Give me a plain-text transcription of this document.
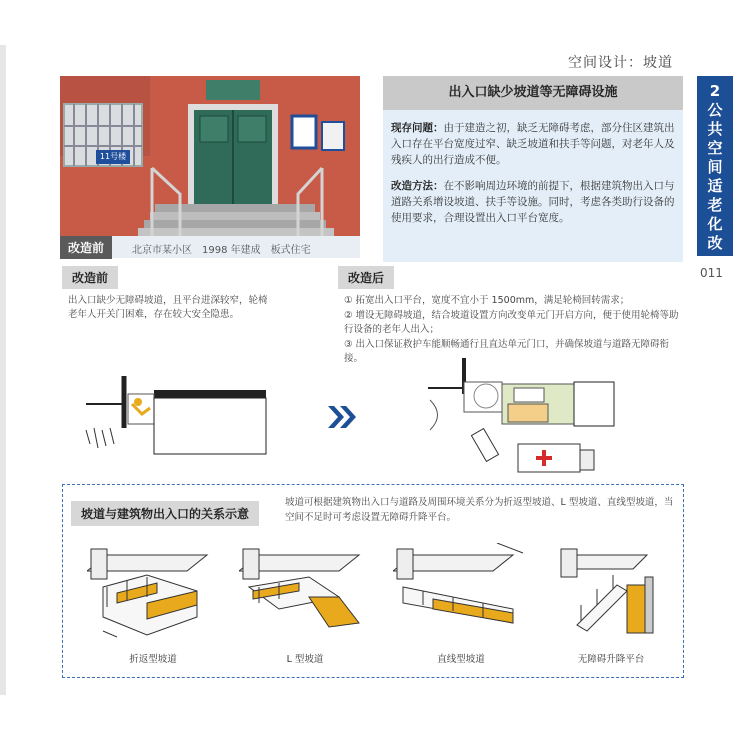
空间设计：坡道
2
公
共
空
间
适
老
化
改
011
11号楼
改造前	北京市某小区　1998 年建成　板式住宅
出入口缺少坡道等无障碍设施
现存问题：由于建造之初，缺乏无障碍考虑，部分住区建筑出入口存在平台宽度过窄、缺乏坡道和扶手等问题，对老年人及残疾人的出行造成不便。
改造方法：在不影响周边环境的前提下，根据建筑物出入口与道路关系增设坡道、扶手等设施。同时，考虑各类助行设备的使用要求，合理设置出入口平台宽度。
改造前
出入口缺少无障碍坡道，且平台进深较窄，轮椅老年人开关门困难，存在较大安全隐患。
改造后
① 拓宽出入口平台，宽度不宜小于 1500mm，满足轮椅回转需求；
② 增设无障碍坡道，结合坡道设置方向改变单元门开启方向，便于使用轮椅等助行设备的老年人出入；
③ 出入口保证救护车能顺畅通行且直达单元门口，并确保坡道与道路无障碍衔接。
坡道与建筑物出入口的关系示意
坡道可根据建筑物出入口与道路及周围环境关系分为折返型坡道、L 型坡道、直线型坡道，当空间不足时可考虑设置无障碍升降平台。
折返型坡道	L 型坡道	直线型坡道	无障碍升降平台
